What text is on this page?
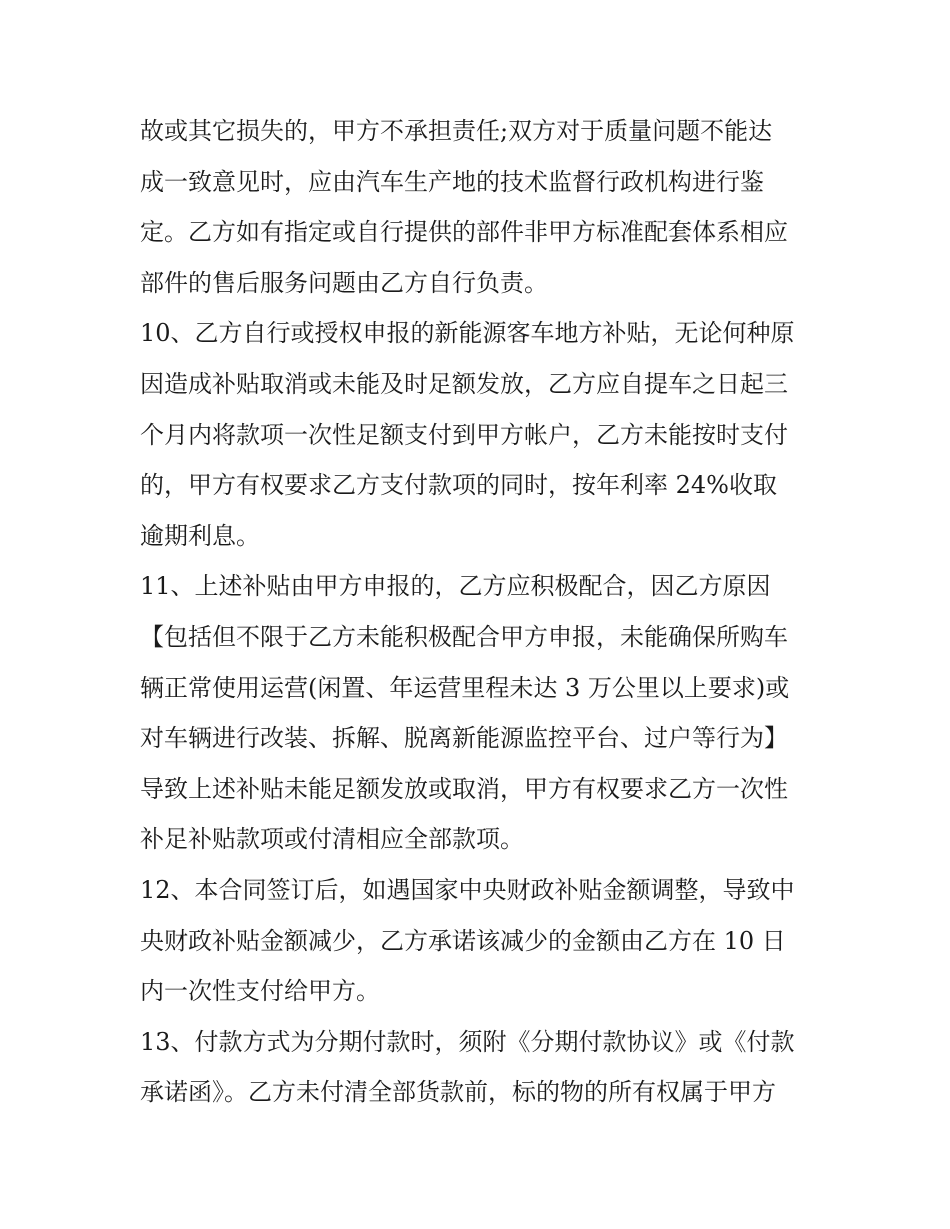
故或其它损失的，甲方不承担责任;双方对于质量问题不能达
成一致意见时，应由汽车生产地的技术监督行政机构进行鉴
定。乙方如有指定或自行提供的部件非甲方标准配套体系相应
部件的售后服务问题由乙方自行负责。
10、乙方自行或授权申报的新能源客车地方补贴，无论何种原
因造成补贴取消或未能及时足额发放，乙方应自提车之日起三
个月内将款项一次性足额支付到甲方帐户，乙方未能按时支付
的，甲方有权要求乙方支付款项的同时，按年利率 24%收取
逾期利息。
11、上述补贴由甲方申报的，乙方应积极配合，因乙方原因
【包括但不限于乙方未能积极配合甲方申报，未能确保所购车
辆正常使用运营(闲置、年运营里程未达 3 万公里以上要求)或
对车辆进行改装、拆解、脱离新能源监控平台、过户等行为】
导致上述补贴未能足额发放或取消，甲方有权要求乙方一次性
补足补贴款项或付清相应全部款项。
12、本合同签订后，如遇国家中央财政补贴金额调整，导致中
央财政补贴金额减少，乙方承诺该减少的金额由乙方在 10 日
内一次性支付给甲方。
13、付款方式为分期付款时，须附《分期付款协议》或《付款
承诺函》。乙方未付清全部货款前，标的物的所有权属于甲方
